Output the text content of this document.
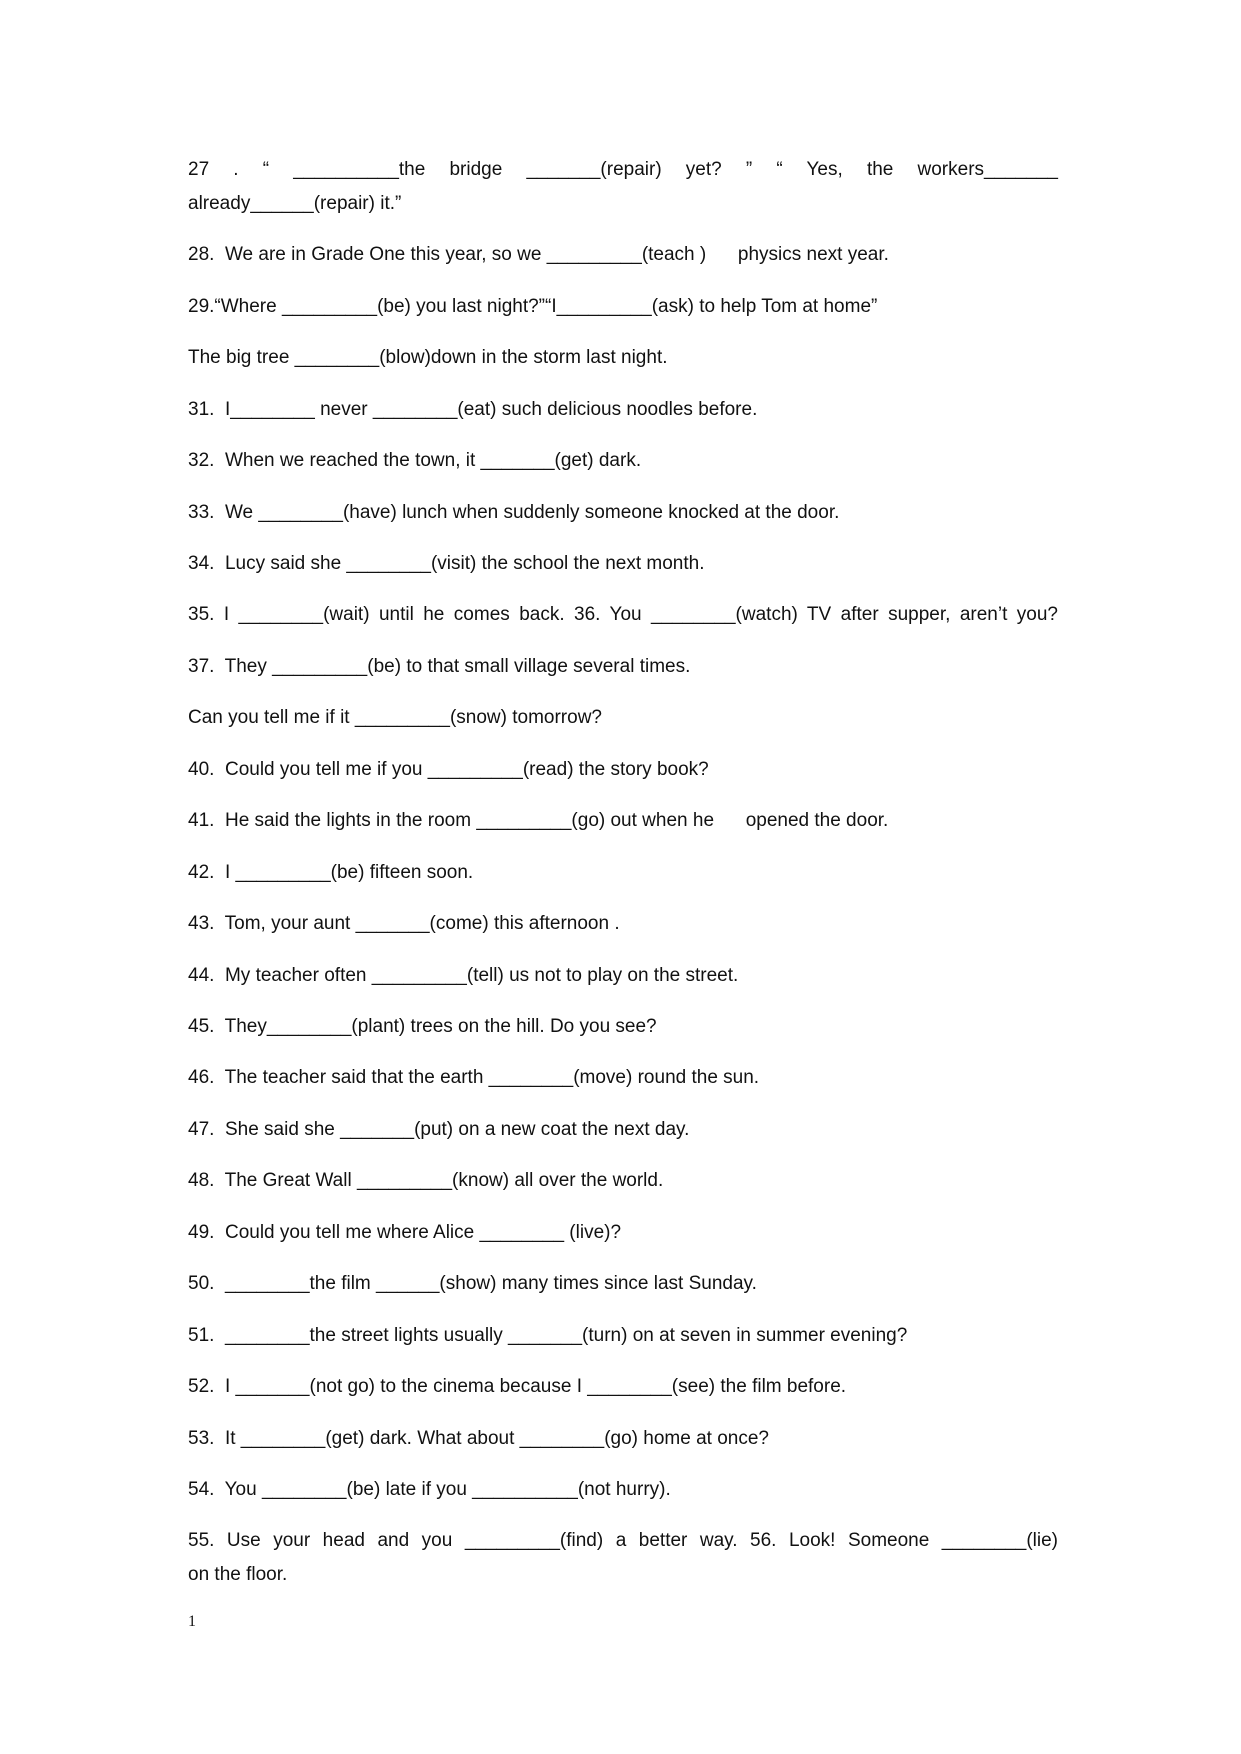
27 . “ __________the bridge _______(repair) yet? ” “ Yes, the workers_______
already______(repair) it.”
28.  We are in Grade One this year, so we _________(teach )      physics next year.
29.“Where _________(be) you last night?”“I_________(ask) to help Tom at home”
The big tree ________(blow)down in the storm last night.
31.  I________ never ________(eat) such delicious noodles before.
32.  When we reached the town, it _______(get) dark.
33.  We ________(have) lunch when suddenly someone knocked at the door.
34.  Lucy said she ________(visit) the school the next month.
35. I ________(wait) until he comes back. 36. You ________(watch) TV after supper, aren’t you?
37.  They _________(be) to that small village several times.
Can you tell me if it _________(snow) tomorrow?
40.  Could you tell me if you _________(read) the story book?
41.  He said the lights in the room _________(go) out when he      opened the door.
42.  I _________(be) fifteen soon.
43.  Tom, your aunt _______(come) this afternoon .
44.  My teacher often _________(tell) us not to play on the street.
45.  They________(plant) trees on the hill. Do you see?
46.  The teacher said that the earth ________(move) round the sun.
47.  She said she _______(put) on a new coat the next day.
48.  The Great Wall _________(know) all over the world.
49.  Could you tell me where Alice ________ (live)?
50.  ________the film ______(show) many times since last Sunday.
51.  ________the street lights usually _______(turn) on at seven in summer evening?
52.  I _______(not go) to the cinema because I ________(see) the film before.
53.  It ________(get) dark. What about ________(go) home at once?
54.  You ________(be) late if you __________(not hurry).
55. Use your head and you _________(find) a better way. 56. Look! Someone ________(lie)
on the floor.
1
